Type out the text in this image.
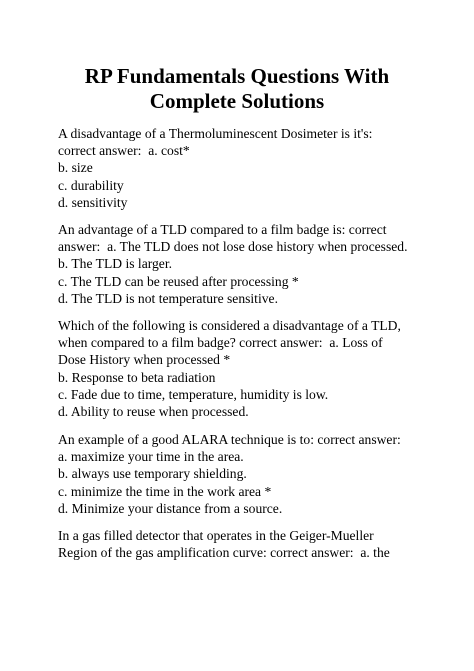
RP Fundamentals Questions With
Complete Solutions
A disadvantage of a Thermoluminescent Dosimeter is it's:
correct answer:  a. cost*
b. size
c. durability
d. sensitivity
An advantage of a TLD compared to a film badge is: correct
answer:  a. The TLD does not lose dose history when processed.
b. The TLD is larger.
c. The TLD can be reused after processing *
d. The TLD is not temperature sensitive.
Which of the following is considered a disadvantage of a TLD,
when compared to a film badge? correct answer:  a. Loss of
Dose History when processed *
b. Response to beta radiation
c. Fade due to time, temperature, humidity is low.
d. Ability to reuse when processed.
An example of a good ALARA technique is to: correct answer:
a. maximize your time in the area.
b. always use temporary shielding.
c. minimize the time in the work area *
d. Minimize your distance from a source.
In a gas filled detector that operates in the Geiger-Mueller
Region of the gas amplification curve: correct answer:  a. the
